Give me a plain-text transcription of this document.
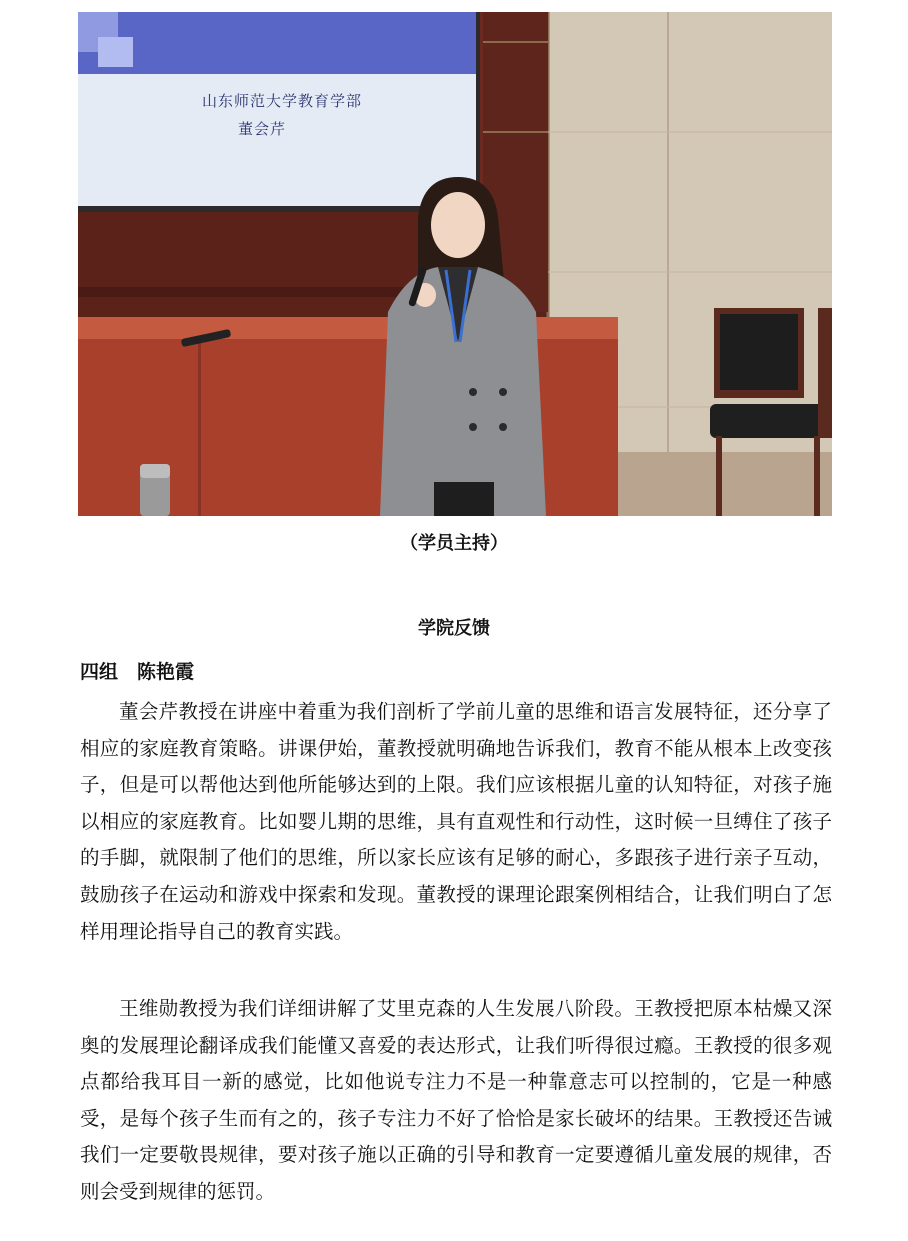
山东师范大学教育学部
董会芹
（学员主持）
学院反馈
四组　陈艳霞

董会芹教授在讲座中着重为我们剖析了学前儿童的思维和语言发展特征，还分享了相应的家庭教育策略。讲课伊始，董教授就明确地告诉我们，教育不能从根本上改变孩子，但是可以帮他达到他所能够达到的上限。我们应该根据儿童的认知特征，对孩子施以相应的家庭教育。比如婴儿期的思维，具有直观性和行动性，这时候一旦缚住了孩子的手脚，就限制了他们的思维，所以家长应该有足够的耐心，多跟孩子进行亲子互动，鼓励孩子在运动和游戏中探索和发现。董教授的课理论跟案例相结合，让我们明白了怎样用理论指导自己的教育实践。

王维勋教授为我们详细讲解了艾里克森的人生发展八阶段。王教授把原本枯燥又深奥的发展理论翻译成我们能懂又喜爱的表达形式，让我们听得很过瘾。王教授的很多观点都给我耳目一新的感觉，比如他说专注力不是一种靠意志可以控制的，它是一种感受，是每个孩子生而有之的，孩子专注力不好了恰恰是家长破坏的结果。王教授还告诫我们一定要敬畏规律，要对孩子施以正确的引导和教育一定要遵循儿童发展的规律，否则会受到规律的惩罚。
